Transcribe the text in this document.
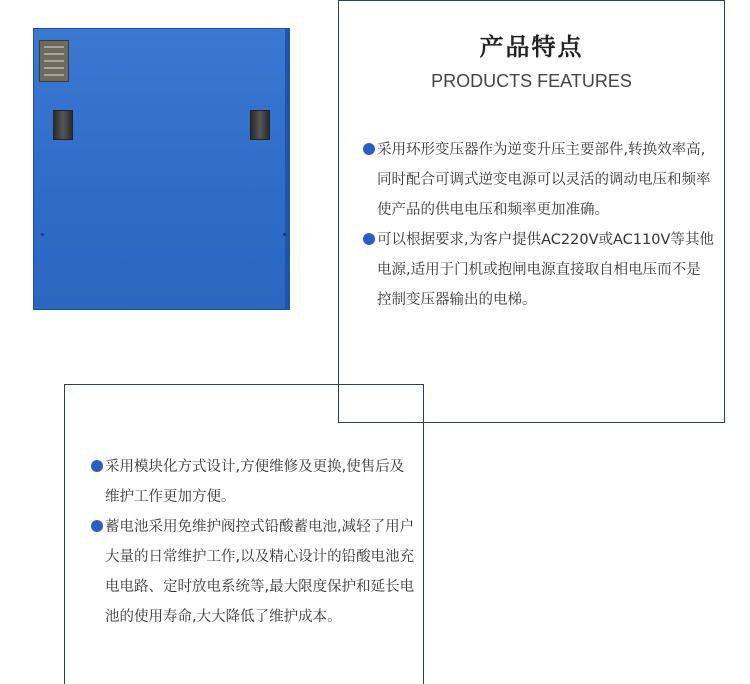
产品特点
PRODUCTS FEATURES
采用环形变压器作为逆变升压主要部件,转换效率高,同时配合可调式逆变电源可以灵活的调动电压和频率使产品的供电电压和频率更加准确。
可以根据要求,为客户提供AC220V或AC110V等其他电源,适用于门机或抱闸电源直接取自相电压而不是控制变压器输出的电梯。
采用模块化方式设计,方便维修及更换,使售后及维护工作更加方便。
蓄电池采用免维护阀控式铅酸蓄电池,减轻了用户大量的日常维护工作,以及精心设计的铅酸电池充电电路、定时放电系统等,最大限度保护和延长电池的使用寿命,大大降低了维护成本。
